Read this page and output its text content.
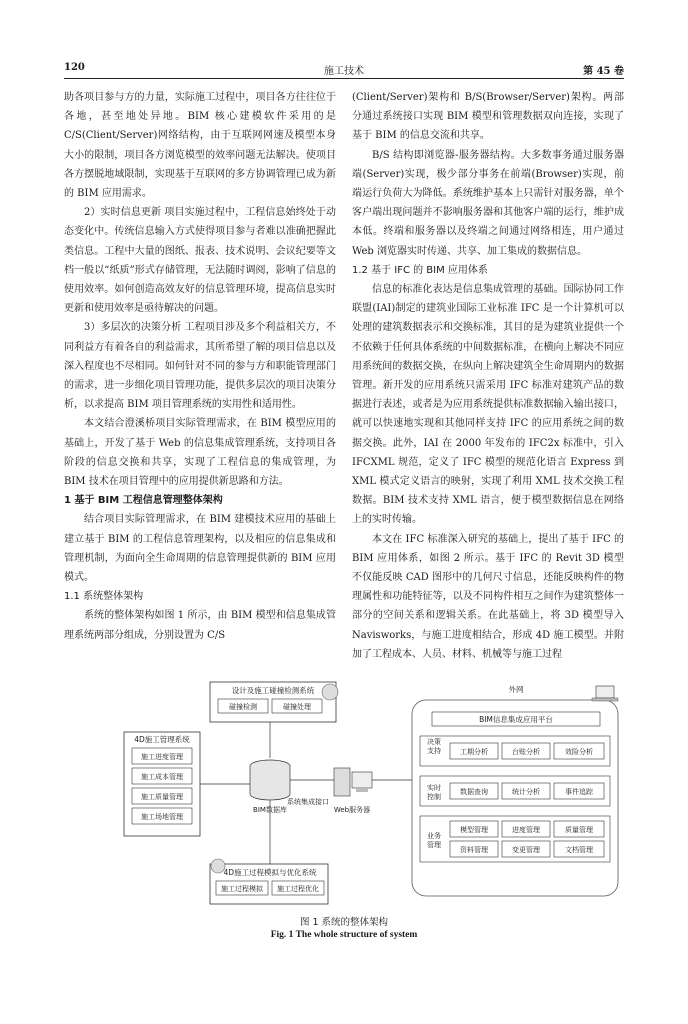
120	施工技术	第 45 卷

助各项目参与方的力量，实际施工过程中，项目各方往往位于各地，甚至地处异地。BIM 核心建模软件采用的是 C/S(Client/Server)网络结构，由于互联网网速及模型本身大小的限制，项目各方浏览模型的效率问题无法解决。使项目各方摆脱地域限制，实现基于互联网的多方协调管理已成为新的 BIM 应用需求。

2）实时信息更新 项目实施过程中，工程信息始终处于动态变化中。传统信息输入方式使得项目参与者难以准确把握此类信息。工程中大量的图纸、报表、技术说明、会议纪要等文档一般以“纸质”形式存储管理，无法随时调阅，影响了信息的使用效率。如何创造高效友好的信息管理环境，提高信息实时更新和使用效率是亟待解决的问题。

3）多层次的决策分析 工程项目涉及多个利益相关方，不同利益方有着各自的利益需求，其所希望了解的项目信息以及深入程度也不尽相同。如何针对不同的参与方和职能管理部门的需求，进一步细化项目管理功能，提供多层次的项目决策分析，以求提高 BIM 项目管理系统的实用性和适用性。

本文结合澄溪桥项目实际管理需求，在 BIM 模型应用的基础上，开发了基于 Web 的信息集成管理系统，支持项目各阶段的信息交换和共享，实现了工程信息的集成管理，为 BIM 技术在项目管理中的应用提供新思路和方法。

1 基于 BIM 工程信息管理整体架构

结合项目实际管理需求，在 BIM 建模技术应用的基础上建立基于 BIM 的工程信息管理架构，以及相应的信息集成和管理机制，为面向全生命周期的信息管理提供新的 BIM 应用模式。

1.1 系统整体架构

系统的整体架构如图 1 所示，由 BIM 模型和信息集成管理系统两部分组成，分别设置为 C/S

(Client/Server)架构和 B/S(Browser/Server)架构。两部分通过系统接口实现 BIM 模型和管理数据双向连接，实现了基于 BIM 的信息交流和共享。

B/S 结构即浏览器-服务器结构。大多数事务通过服务器端(Server)实现，极少部分事务在前端(Browser)实现，前端运行负荷大为降低。系统维护基本上只需针对服务器，单个客户端出现问题并不影响服务器和其他客户端的运行，维护成本低。终端和服务器以及终端之间通过网络相连，用户通过 Web 浏览器实时传递、共享、加工集成的数据信息。

1.2 基于 IFC 的 BIM 应用体系

信息的标准化表达是信息集成管理的基础。国际协同工作联盟(IAI)制定的建筑业国际工业标准 IFC 是一个计算机可以处理的建筑数据表示和交换标准，其目的是为建筑业提供一个不依赖于任何具体系统的中间数据标准，在横向上解决不同应用系统间的数据交换，在纵向上解决建筑全生命周期内的数据管理。新开发的应用系统只需采用 IFC 标准对建筑产品的数据进行表述，或者是为应用系统提供标准数据输入输出接口，就可以快速地实现和其他同样支持 IFC 的应用系统之间的数据交换。此外，IAI 在 2000 年发布的 IFC2x 标准中，引入 IFCXML 规范，定义了 IFC 模型的规范化语言 Express 到 XML 模式定义语言的映射，实现了利用 XML 技术交换工程数据。BIM 技术支持 XML 语言，便于模型数据信息在网络上的实时传输。

本文在 IFC 标准深入研究的基础上，提出了基于 IFC 的 BIM 应用体系，如图 2 所示。基于 IFC 的 Revit 3D 模型不仅能反映 CAD 图形中的几何尺寸信息，还能反映构件的物理属性和功能特征等，以及不同构件相互之间作为建筑整体一部分的空间关系和逻辑关系。在此基础上，将 3D 模型导入 Navisworks，与施工进度相结合，形成 4D 施工模型。并附加了工程成本、人员、材料、机械等与施工过程

设计及施工碰撞检测系统
碰撞检测	碰撞处理
4D施工管理系统
施工进度管理
施工成本管理
施工质量管理
施工场地管理
4D施工过程模拟与优化系统
施工过程模拟 施工过程优化
BIM数据库
系统集成接口
Web服务器
外网
BIM信息集成应用平台
决策支持	工期分析	台账分析	效险分析
实时控制
数据查询	统计分析	事件追踪
业务管理
模型管理	进度管理	质量管理
资料管理	变更管理	文档管理
图 1 系统的整体架构
Fig. 1 The whole structure of system
